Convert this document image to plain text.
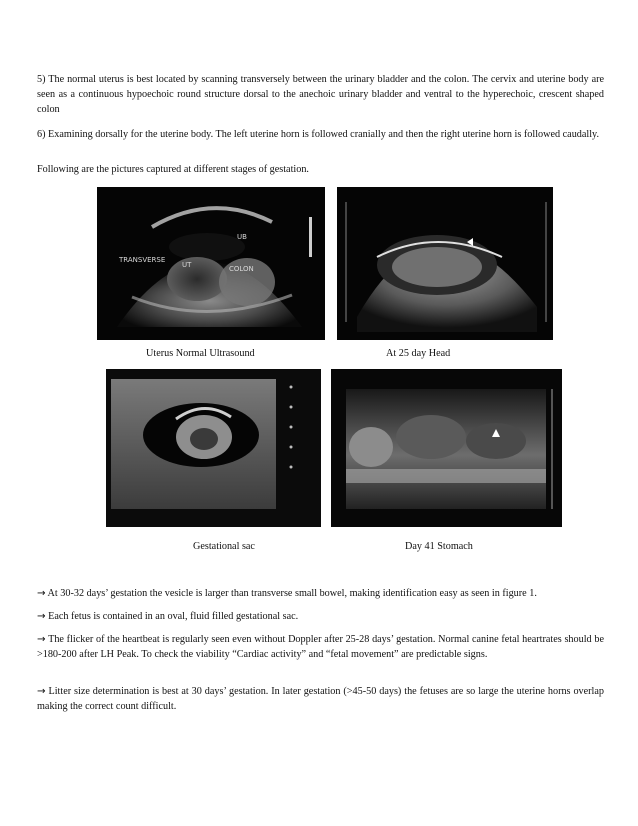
5) The normal uterus is best located by scanning transversely between the urinary bladder and the colon. The cervix and uterine body are seen as a continuous hypoechoic round structure dorsal to the anechoic urinary bladder and ventral to the hyperechoic, crescent shaped colon

6) Examining dorsally for the uterine body. The left uterine horn is followed cranially and then the right uterine horn is followed caudally.

Following are the pictures captured at different stages of gestation.

UB
TRANSVERSE
UT	COLON
Uterus Normal Ultrasound	At 25 day Head
Gestational sac	Day 41 Stomach

→ At 30-32 days’ gestation the vesicle is larger than transverse small bowel, making identification easy as seen in figure 1.

→ Each fetus is contained in an oval, fluid filled gestational sac.

→ The flicker of the heartbeat is regularly seen even without Doppler after 25-28 days’ gestation. Normal canine fetal heartrates should be >180-200 after LH Peak. To check the viability “Cardiac activity” and “fetal movement” are predictable signs.

→ Litter size determination is best at 30 days’ gestation. In later gestation (>45-50 days) the fetuses are so large the uterine horns overlap making the correct count difficult.
